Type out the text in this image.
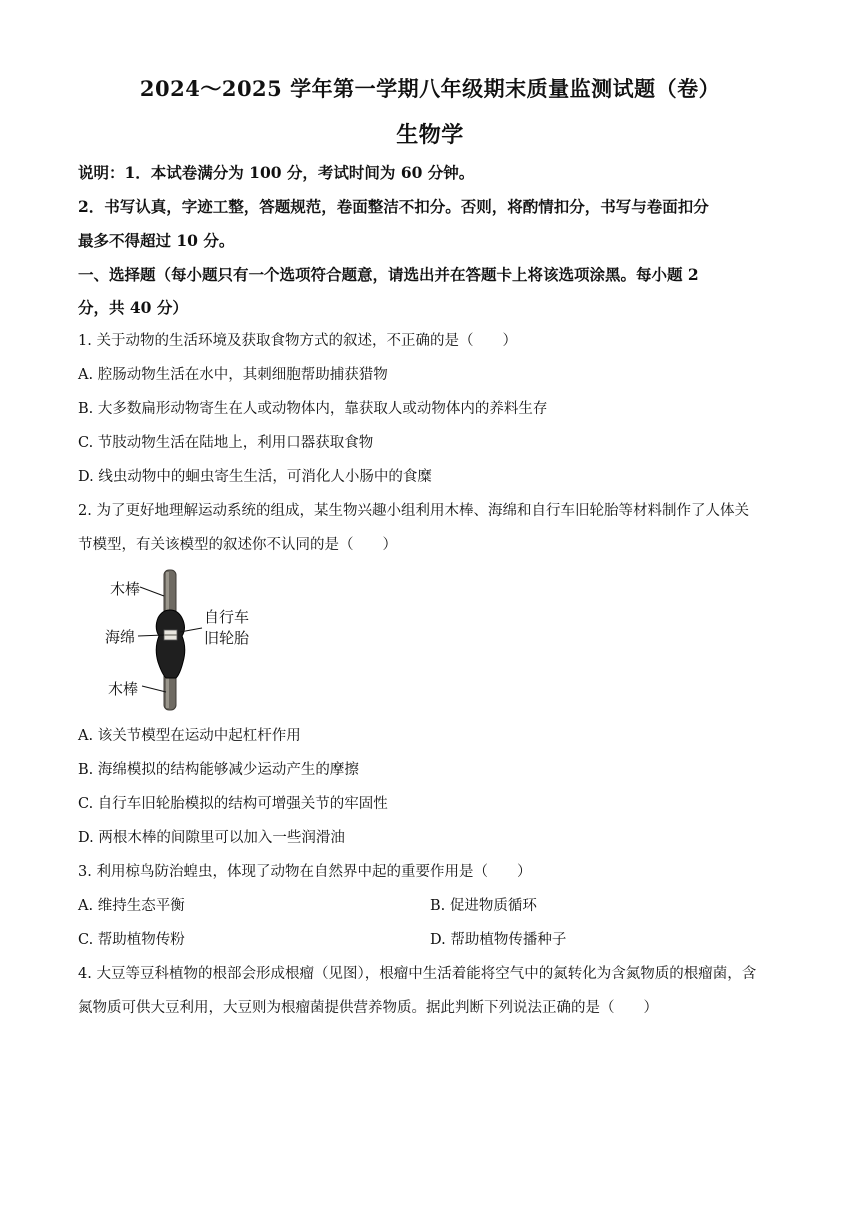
2024～2025 学年第一学期八年级期末质量监测试题（卷）
生物学
说明：1．本试卷满分为 100 分，考试时间为 60 分钟。
2．书写认真，字迹工整，答题规范，卷面整洁不扣分。否则，将酌情扣分，书写与卷面扣分
最多不得超过 10 分。
一、选择题（每小题只有一个选项符合题意，请选出并在答题卡上将该选项涂黑。每小题 2
分，共 40 分）
1. 关于动物的生活环境及获取食物方式的叙述，不正确的是（　　）
A. 腔肠动物生活在水中，其刺细胞帮助捕获猎物
B. 大多数扁形动物寄生在人或动物体内，靠获取人或动物体内的养料生存
C. 节肢动物生活在陆地上，利用口器获取食物
D. 线虫动物中的蛔虫寄生生活，可消化人小肠中的食糜
2. 为了更好地理解运动系统的组成，某生物兴趣小组利用木棒、海绵和自行车旧轮胎等材料制作了人体关
节模型，有关该模型的叙述你不认同的是（　　）
木棒
海绵
木棒
自行车
旧轮胎
A. 该关节模型在运动中起杠杆作用
B. 海绵模拟的结构能够减少运动产生的摩擦
C. 自行车旧轮胎模拟的结构可增强关节的牢固性
D. 两根木棒的间隙里可以加入一些润滑油
3. 利用椋鸟防治蝗虫，体现了动物在自然界中起的重要作用是（　　）
A. 维持生态平衡	B. 促进物质循环
C. 帮助植物传粉	D. 帮助植物传播种子
4. 大豆等豆科植物的根部会形成根瘤（见图），根瘤中生活着能将空气中的氮转化为含氮物质的根瘤菌，含
氮物质可供大豆利用，大豆则为根瘤菌提供营养物质。据此判断下列说法正确的是（　　）
